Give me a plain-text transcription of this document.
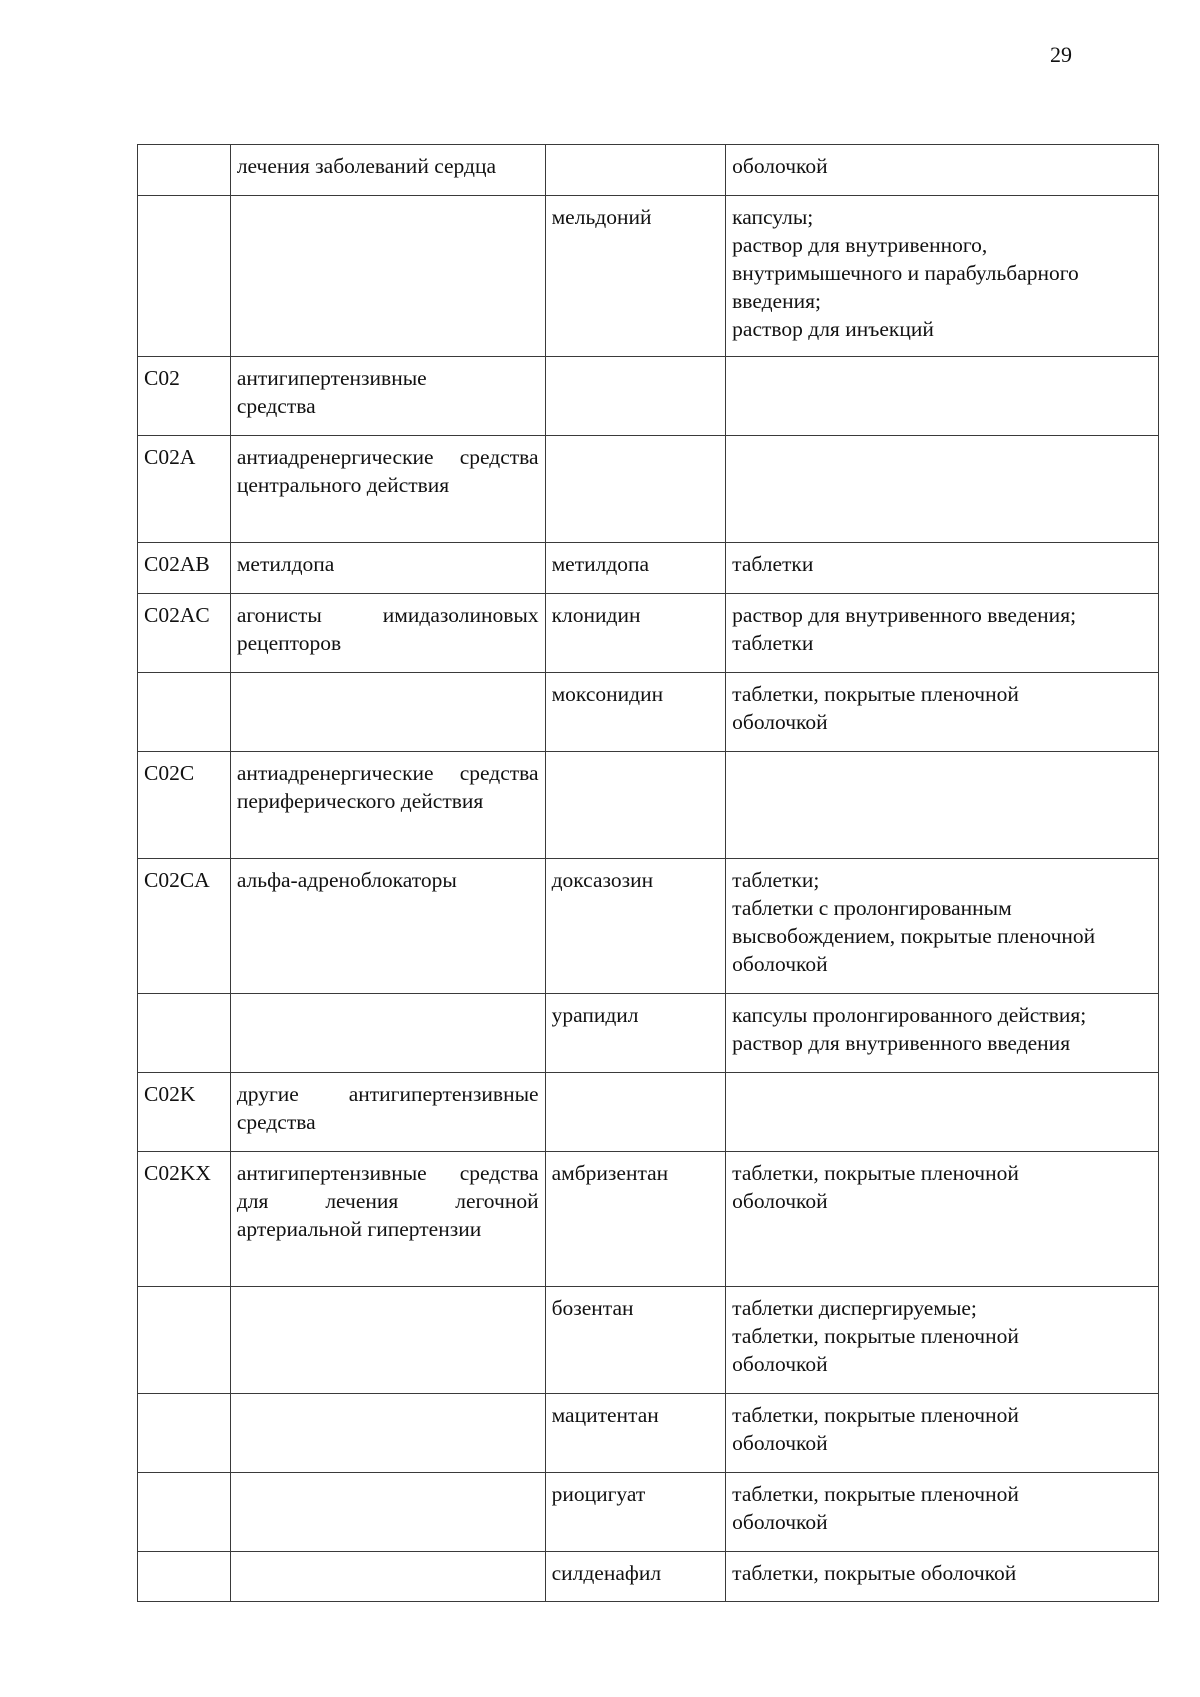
29
	лечения заболеваний сердца		оболочкой
		мельдоний	капсулы;
раствор для внутривенного,
внутримышечного и парабульбарного
введения;
раствор для инъекций
C02	антигипертензивные
средства		
C02A	антиадренергические средства центрального действия		
C02AB	метилдопа	метилдопа	таблетки
C02AC	агонисты имидазолиновых рецепторов	клонидин	раствор для внутривенного введения;
таблетки
		моксонидин	таблетки, покрытые пленочной
оболочкой
C02C	антиадренергические средства периферического действия		
C02CA	альфа-адреноблокаторы	доксазозин	таблетки;
таблетки с пролонгированным
высвобождением, покрытые пленочной
оболочкой
		урапидил	капсулы пролонгированного действия;
раствор для внутривенного введения
C02K	другие антигипертензивные средства		
C02KX	антигипертензивные средства для лечения легочной артериальной гипертензии	амбризентан	таблетки, покрытые пленочной
оболочкой
		бозентан	таблетки диспергируемые;
таблетки, покрытые пленочной
оболочкой
		мацитентан	таблетки, покрытые пленочной
оболочкой
		риоцигуат	таблетки, покрытые пленочной
оболочкой
		силденафил	таблетки, покрытые оболочкой
